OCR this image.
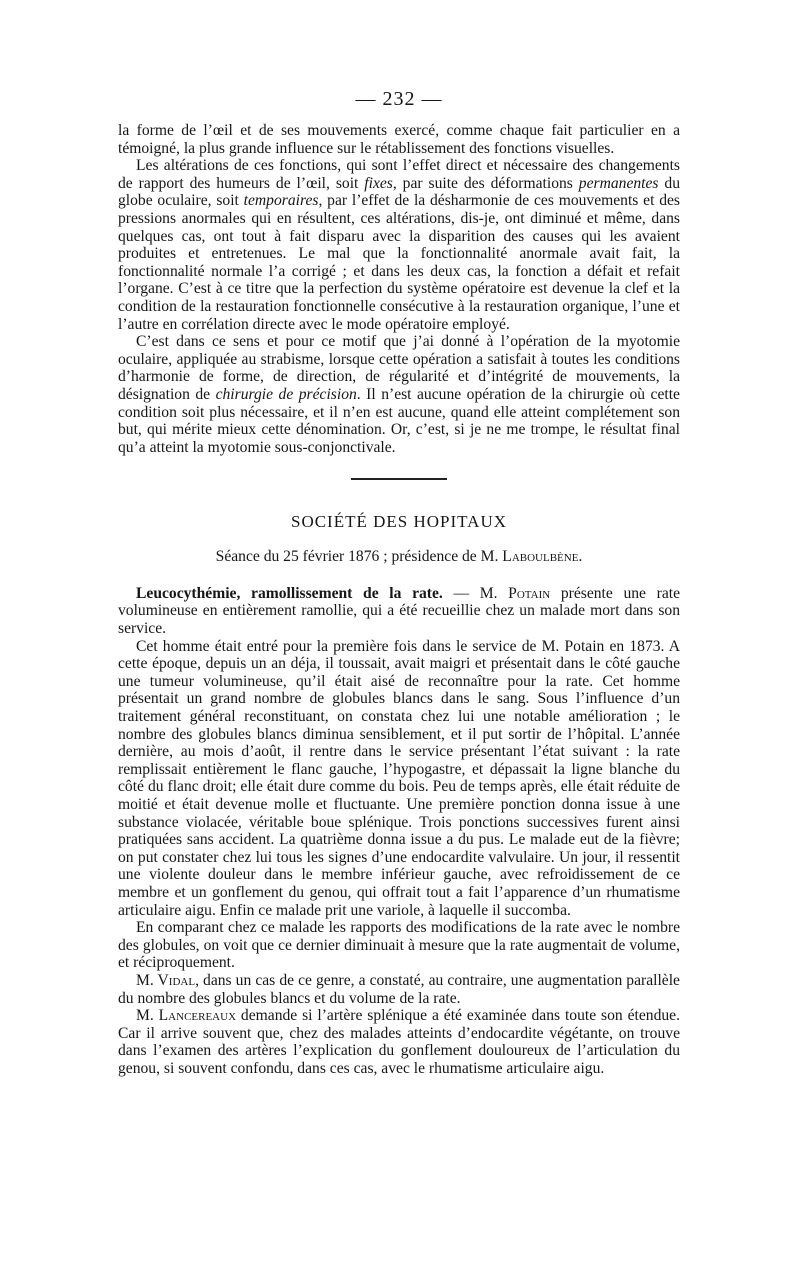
— 232 —

la forme de l’œil et de ses mouvements exercé, comme chaque fait particulier en a témoigné, la plus grande influence sur le rétablissement des fonctions visuelles.

Les altérations de ces fonctions, qui sont l’effet direct et nécessaire des changements de rapport des humeurs de l’œil, soit fixes, par suite des déformations permanentes du globe oculaire, soit temporaires, par l’effet de la désharmonie de ces mouvements et des pressions anormales qui en résultent, ces altérations, dis-je, ont diminué et même, dans quelques cas, ont tout à fait disparu avec la disparition des causes qui les avaient produites et entretenues. Le mal que la fonctionnalité anormale avait fait, la fonctionnalité normale l’a corrigé ; et dans les deux cas, la fonction a défait et refait l’organe. C’est à ce titre que la perfection du système opératoire est devenue la clef et la condition de la restauration fonctionnelle consécutive à la restauration organique, l’une et l’autre en corrélation directe avec le mode opératoire employé.

C’est dans ce sens et pour ce motif que j’ai donné à l’opération de la myotomie oculaire, appliquée au strabisme, lorsque cette opération a satisfait à toutes les conditions d’harmonie de forme, de direction, de régularité et d’intégrité de mouvements, la désignation de chirurgie de précision. Il n’est aucune opération de la chirurgie où cette condition soit plus nécessaire, et il n’en est aucune, quand elle atteint complétement son but, qui mérite mieux cette dénomination. Or, c’est, si je ne me trompe, le résultat final qu’a atteint la myotomie sous-conjonctivale.

SOCIÉTÉ DES HOPITAUX
Séance du 25 février 1876 ; présidence de M. Laboulbène.

Leucocythémie, ramollissement de la rate. — M. Potain présente une rate volumineuse en entièrement ramollie, qui a été recueillie chez un malade mort dans son service.

Cet homme était entré pour la première fois dans le service de M. Potain en 1873. A cette époque, depuis un an déja, il toussait, avait maigri et présentait dans le côté gauche une tumeur volumineuse, qu’il était aisé de reconnaître pour la rate. Cet homme présentait un grand nombre de globules blancs dans le sang. Sous l’influence d’un traitement général reconstituant, on constata chez lui une notable amélioration ; le nombre des globules blancs diminua sensiblement, et il put sortir de l’hôpital. L’année dernière, au mois d’août, il rentre dans le service présentant l’état suivant : la rate remplissait entièrement le flanc gauche, l’hypogastre, et dépassait la ligne blanche du côté du flanc droit; elle était dure comme du bois. Peu de temps après, elle était réduite de moitié et était devenue molle et fluctuante. Une première ponction donna issue à une substance violacée, véritable boue splénique. Trois ponctions successives furent ainsi pratiquées sans accident. La quatrième donna issue a du pus. Le malade eut de la fièvre; on put constater chez lui tous les signes d’une endocardite valvulaire. Un jour, il ressentit une violente douleur dans le membre inférieur gauche, avec refroidissement de ce membre et un gonflement du genou, qui offrait tout a fait l’apparence d’un rhumatisme articulaire aigu. Enfin ce malade prit une variole, à laquelle il succomba.

En comparant chez ce malade les rapports des modifications de la rate avec le nombre des globules, on voit que ce dernier diminuait à mesure que la rate augmentait de volume, et réciproquement.

M. Vidal, dans un cas de ce genre, a constaté, au contraire, une augmentation parallèle du nombre des globules blancs et du volume de la rate.

M. Lancereaux demande si l’artère splénique a été examinée dans toute son étendue. Car il arrive souvent que, chez des malades atteints d’endocardite végétante, on trouve dans l’examen des artères l’explication du gonflement douloureux de l’articulation du genou, si souvent confondu, dans ces cas, avec le rhumatisme articulaire aigu.
